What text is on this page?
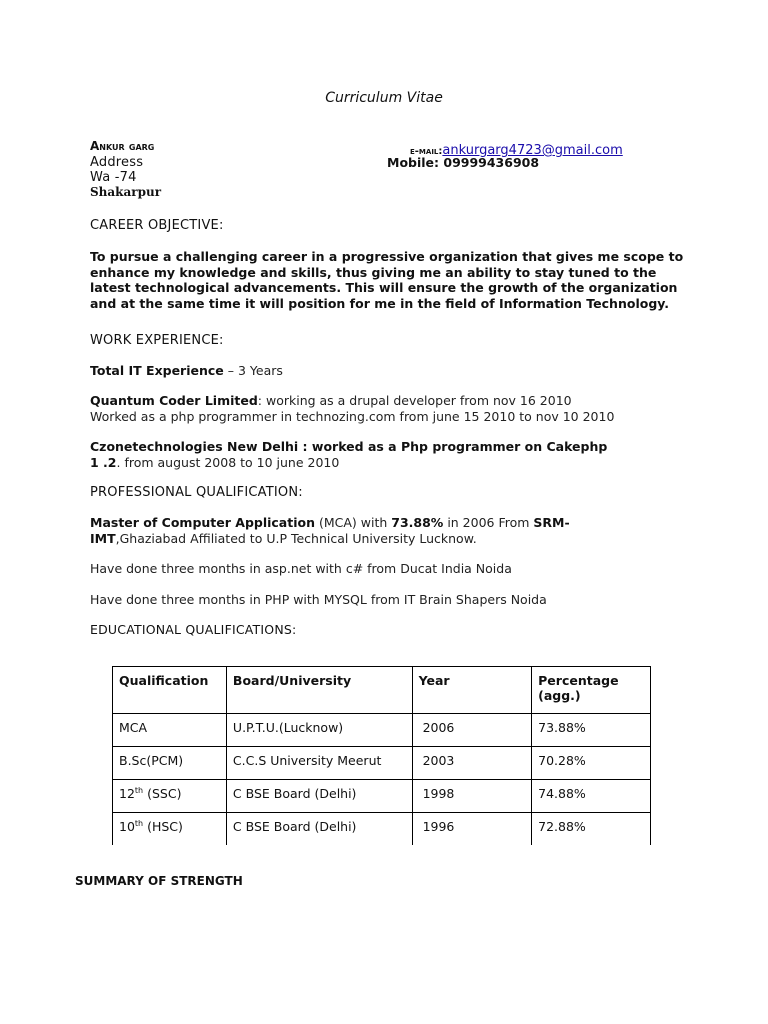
Curriculum Vitae
Ankur garg
Address
Wa -74
Shakarpur
e-mail:ankurgarg4723@gmail.com
Mobile: 09999436908
CAREER OBJECTIVE:
To pursue a challenging career in a progressive organization that gives me scope to enhance my knowledge and skills, thus giving me an ability to stay tuned to the latest technological advancements. This will ensure the growth of the organization and at the same time it will position for me in the field of Information Technology.
WORK EXPERIENCE:
Total IT Experience – 3 Years
Quantum Coder Limited: working as a drupal developer from nov 16 2010
Worked as a php programmer in technozing.com from june 15 2010 to nov 10 2010
Czonetechnologies New Delhi : worked as a Php programmer on Cakephp
1 .2. from august 2008 to 10 june 2010
PROFESSIONAL QUALIFICATION:
Master of Computer Application (MCA) with 73.88% in 2006 From SRM-
IMT,Ghaziabad Affiliated to U.P Technical University Lucknow.
Have done three months in asp.net with c# from Ducat India Noida
Have done three months in PHP with MYSQL from IT Brain Shapers Noida
EDUCATIONAL QUALIFICATIONS:
Qualification	Board/University	Year	Percentage
(agg.)
MCA	U.P.T.U.(Lucknow)	2006	73.88%
B.Sc(PCM)	C.C.S University Meerut	2003	70.28%
12th (SSC)	C BSE Board (Delhi)	1998	74.88%
10th (HSC)	C BSE Board (Delhi)	1996	72.88%
SUMMARY OF STRENGTH
